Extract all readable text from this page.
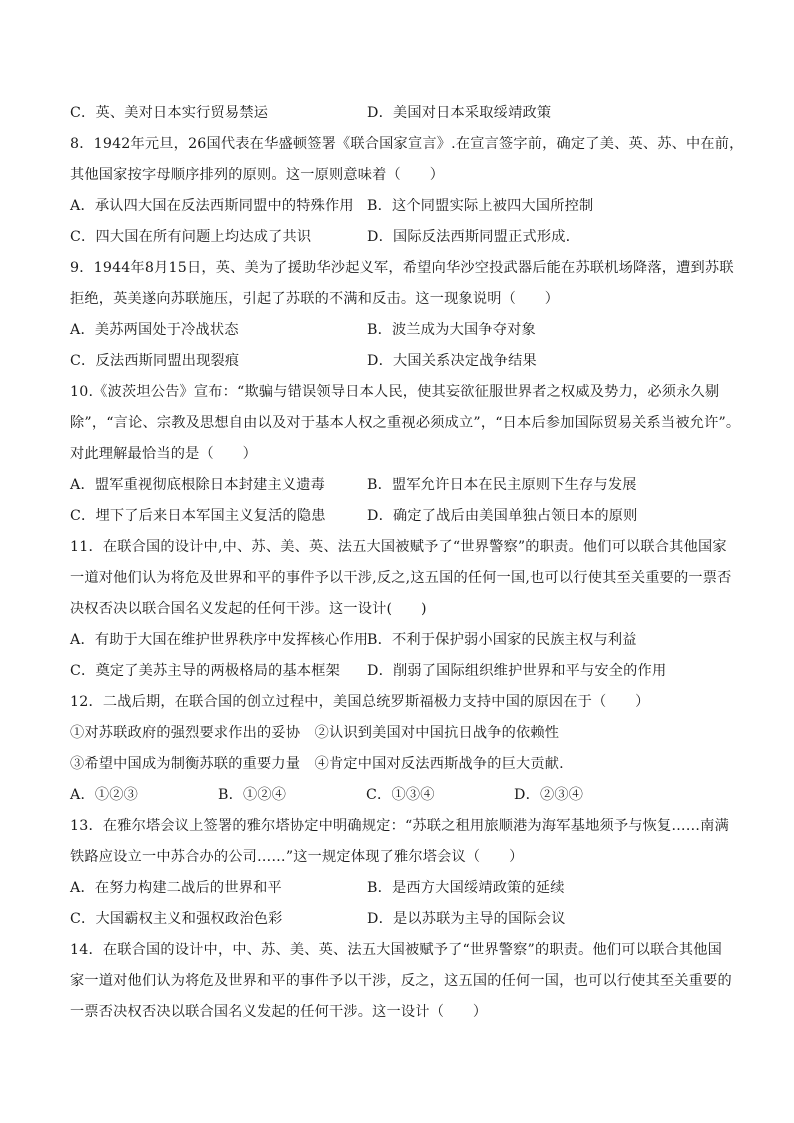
C．英、美对日本实行贸易禁运	D．美国对日本采取绥靖政策
8．1942年元旦，26国代表在华盛顿签署《联合国家宣言》.在宣言签字前，确定了美、英、苏、中在前，
其他国家按字母顺序排列的原则。这一原则意味着（　　）
A．承认四大国在反法西斯同盟中的特殊作用 B．这个同盟实际上被四大国所控制
C．四大国在所有问题上均达成了共识	D．国际反法西斯同盟正式形成.
9．1944年8月15日，英、美为了援助华沙起义军，希望向华沙空投武器后能在苏联机场降落，遭到苏联
拒绝，英美遂向苏联施压，引起了苏联的不满和反击。这一现象说明（　　）
A．美苏两国处于冷战状态	B．波兰成为大国争夺对象
C．反法西斯同盟出现裂痕	D．大国关系决定战争结果
10.《波茨坦公告》宣布：“欺骗与错误领导日本人民，使其妄欲征服世界者之权威及势力，必须永久剔
除”，“言论、宗教及思想自由以及对于基本人权之重视必须成立”，“日本后参加国际贸易关系当被允许”。
对此理解最恰当的是（　　）
A．盟军重视彻底根除日本封建主义遗毒	B．盟军允许日本在民主原则下生存与发展
C．埋下了后来日本军国主义复活的隐患	D．确定了战后由美国单独占领日本的原则
11．在联合国的设计中,中、苏、美、英、法五大国被赋予了“世界警察”的职责。他们可以联合其他国家
一道对他们认为将危及世界和平的事件予以干涉,反之,这五国的任何一国,也可以行使其至关重要的一票否
决权否决以联合国名义发起的任何干涉。这一设计(　　)
A．有助于大国在维护世界秩序中发挥核心作用
B．不利于保护弱小国家的民族主权与利益
C．奠定了美苏主导的两极格局的基本框架	D．削弱了国际组织维护世界和平与安全的作用
12．二战后期，在联合国的创立过程中，美国总统罗斯福极力支持中国的原因在于（　　）
①对苏联政府的强烈要求作出的妥协　②认识到美国对中国抗日战争的依赖性
③希望中国成为制衡苏联的重要力量　④肯定中国对反法西斯战争的巨大贡献.
A．①②③	B．①②④	C．①③④	D．②③④
13．在雅尔塔会议上签署的雅尔塔协定中明确规定：“苏联之租用旅顺港为海军基地须予与恢复……南满
铁路应设立一中苏合办的公司……”这一规定体现了雅尔塔会议（　　）
A．在努力构建二战后的世界和平	B．是西方大国绥靖政策的延续
C．大国霸权主义和强权政治色彩	D．是以苏联为主导的国际会议
14．在联合国的设计中，中、苏、美、英、法五大国被赋予了“世界警察”的职责。他们可以联合其他国
家一道对他们认为将危及世界和平的事件予以干涉，反之，这五国的任何一国，也可以行使其至关重要的
一票否决权否决以联合国名义发起的任何干涉。这一设计（　　）
